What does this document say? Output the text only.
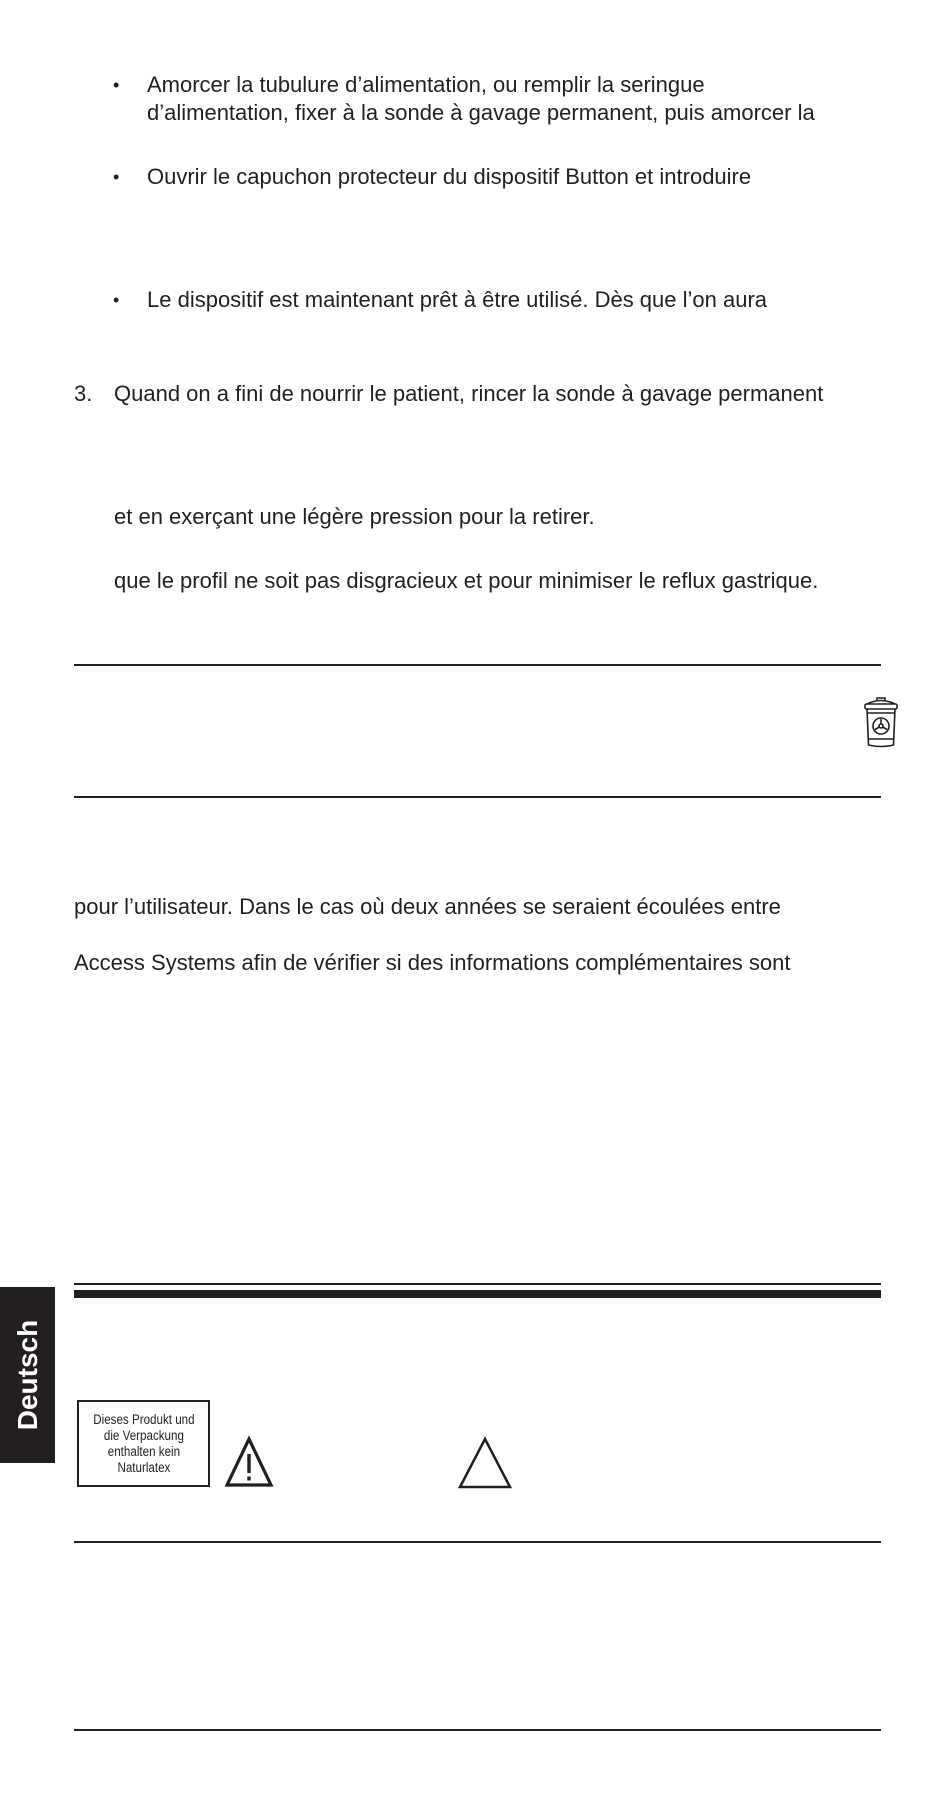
• Amorcer la tubulure d’alimentation, ou remplir la seringue
d’alimentation, fixer à la sonde à gavage permanent, puis amorcer la
• Ouvrir le capuchon protecteur du dispositif Button et introduire
• Le dispositif est maintenant prêt à être utilisé. Dès que l’on aura
3. Quand on a fini de nourrir le patient, rincer la sonde à gavage permanent
et en exerçant une légère pression pour la retirer.
que le profil ne soit pas disgracieux et pour minimiser le reflux gastrique.
pour l’utilisateur. Dans le cas où deux années se seraient écoulées entre
Access Systems afin de vérifier si des informations complémentaires sont
Deutsch	Dieses Produkt und
die Verpackung
enthalten kein
Naturlatex
